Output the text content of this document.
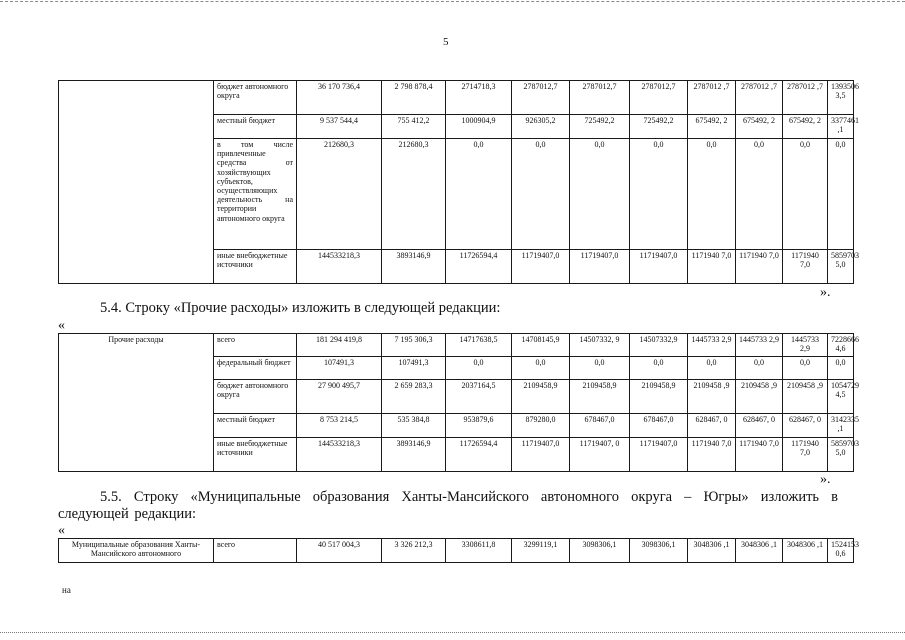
5
	бюджет автономного округа	36 170 736,4	2 798 878,4	2714718,3	2787012,7	2787012,7	2787012,7	2787012 ,7	2787012 ,7	2787012 ,7	1393506 3,5
	местный бюджет	9 537 544,4	755 412,2	1000904,9	926305,2	725492,2	725492,2	675492, 2	675492, 2	675492, 2	3377461 ,1
	в том числе привлеченные средства от хозяйствующих субъектов, осуществляющих деятельность на территории автономного округа	212680,3	212680,3	0,0	0,0	0,0	0,0	0,0	0,0	0,0	0,0
	иные внебюджетные источники	144533218,3	3893146,9	11726594,4	11719407,0	11719407,0	11719407,0	1171940 7,0	1171940 7,0	1171940 7,0	5859703 5,0
».
5.4. Строку «Прочие расходы» изложить в следующей редакции:
«
Прочие расходы	всего	181 294 419,8	7 195 306,3	14717638,5	14708145,9	14507332, 9	14507332,9	1445733 2,9	1445733 2,9	1445733 2,9	7228666 4,6
	федеральный бюджет	107491,3	107491,3	0,0	0,0	0,0	0,0	0,0	0,0	0,0	0,0
	бюджет автономного округа	27 900 495,7	2 659 283,3	2037164,5	2109458,9	2109458,9	2109458,9	2109458 ,9	2109458 ,9	2109458 ,9	1054729 4,5
	местный бюджет	8 753 214,5	535 384,8	953879,6	879280,0	678467,0	678467,0	628467, 0	628467, 0	628467, 0	3142335 ,1
	иные внебюджетные источники	144533218,3	3893146,9	11726594,4	11719407,0	11719407, 0	11719407,0	1171940 7,0	1171940 7,0	1171940 7,0	5859703 5,0
».
5.5. Строку «Муниципальные образования Ханты-Мансийского автономного округа – Югры» изложить в следующей редакции:
«
Муниципальные образования Ханты-Мансийского автономного	всего	40 517 004,3	3 326 212,3	3308611,8	3299119,1	3098306,1	3098306,1	3048306 ,1	3048306 ,1	3048306 ,1	1524153 0,6
на
